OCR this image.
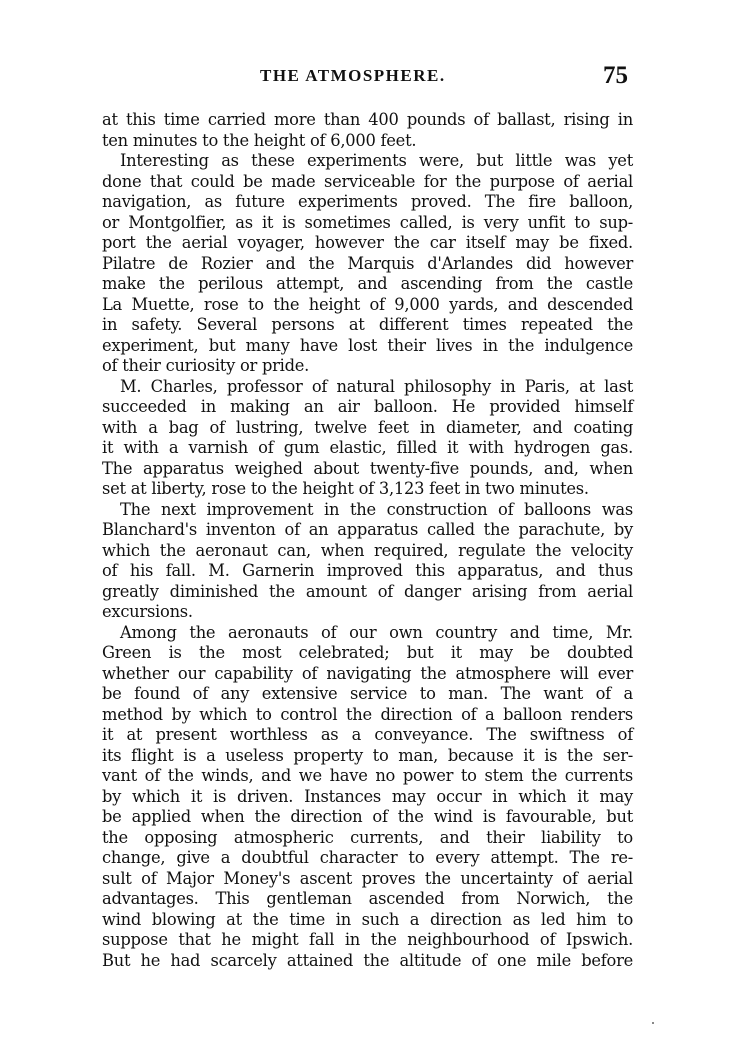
THE ATMOSPHERE.	75
at this time carried more than 400 pounds of ballast, rising in
ten minutes to the height of 6,000 feet.
Interesting as these experiments were, but little was yet
done that could be made serviceable for the purpose of aerial
navigation, as future experiments proved. The fire balloon,
or Montgolfier, as it is sometimes called, is very unfit to sup-
port the aerial voyager, however the car itself may be fixed.
Pilatre de Rozier and the Marquis d'Arlandes did however
make the perilous attempt, and ascending from the castle
La Muette, rose to the height of 9,000 yards, and descended
in safety. Several persons at different times repeated the
experiment, but many have lost their lives in the indulgence
of their curiosity or pride.
M. Charles, professor of natural philosophy in Paris, at last
succeeded in making an air balloon. He provided himself
with a bag of lustring, twelve feet in diameter, and coating
it with a varnish of gum elastic, filled it with hydrogen gas.
The apparatus weighed about twenty-five pounds, and, when
set at liberty, rose to the height of 3,123 feet in two minutes.
The next improvement in the construction of balloons was
Blanchard's inventon of an apparatus called the parachute, by
which the aeronaut can, when required, regulate the velocity
of his fall. M. Garnerin improved this apparatus, and thus
greatly diminished the amount of danger arising from aerial
excursions.
Among the aeronauts of our own country and time, Mr.
Green is the most celebrated; but it may be doubted
whether our capability of navigating the atmosphere will ever
be found of any extensive service to man. The want of a
method by which to control the direction of a balloon renders
it at present worthless as a conveyance. The swiftness of
its flight is a useless property to man, because it is the ser-
vant of the winds, and we have no power to stem the currents
by which it is driven. Instances may occur in which it may
be applied when the direction of the wind is favourable, but
the opposing atmospheric currents, and their liability to
change, give a doubtful character to every attempt. The re-
sult of Major Money's ascent proves the uncertainty of aerial
advantages. This gentleman ascended from Norwich, the
wind blowing at the time in such a direction as led him to
suppose that he might fall in the neighbourhood of Ipswich.
But he had scarcely attained the altitude of one mile before
